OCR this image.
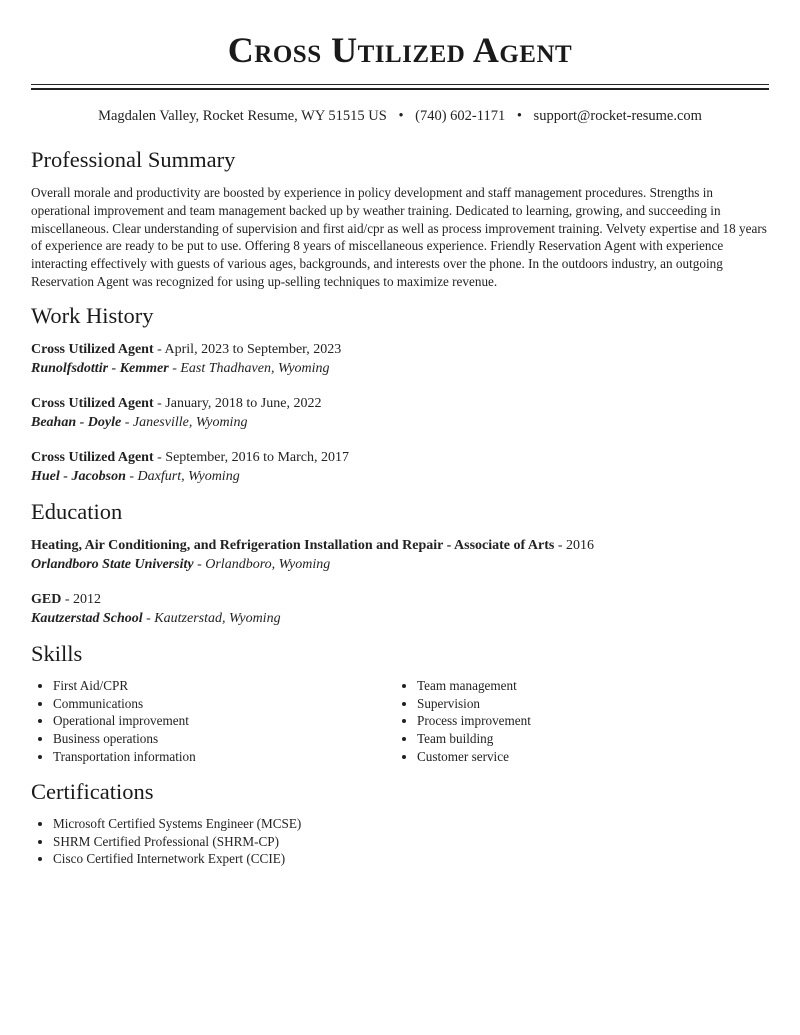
Cross Utilized Agent
Magdalen Valley, Rocket Resume, WY 51515 US • (740) 602-1171 • support@rocket-resume.com
Professional Summary
Overall morale and productivity are boosted by experience in policy development and staff management procedures. Strengths in operational improvement and team management backed up by weather training. Dedicated to learning, growing, and succeeding in miscellaneous. Clear understanding of supervision and first aid/cpr as well as process improvement training. Velvety expertise and 18 years of experience are ready to be put to use. Offering 8 years of miscellaneous experience. Friendly Reservation Agent with experience interacting effectively with guests of various ages, backgrounds, and interests over the phone. In the outdoors industry, an outgoing Reservation Agent was recognized for using up-selling techniques to maximize revenue.
Work History
Cross Utilized Agent - April, 2023 to September, 2023
Runolfsdottir - Kemmer - East Thadhaven, Wyoming
Cross Utilized Agent - January, 2018 to June, 2022
Beahan - Doyle - Janesville, Wyoming
Cross Utilized Agent - September, 2016 to March, 2017
Huel - Jacobson - Daxfurt, Wyoming
Education
Heating, Air Conditioning, and Refrigeration Installation and Repair - Associate of Arts - 2016
Orlandboro State University - Orlandboro, Wyoming
GED - 2012
Kautzerstad School - Kautzerstad, Wyoming
Skills
• First Aid/CPR
• Communications
• Operational improvement
• Business operations
• Transportation information
• Team management
• Supervision
• Process improvement
• Team building
• Customer service
Certifications
• Microsoft Certified Systems Engineer (MCSE)
• SHRM Certified Professional (SHRM-CP)
• Cisco Certified Internetwork Expert (CCIE)
